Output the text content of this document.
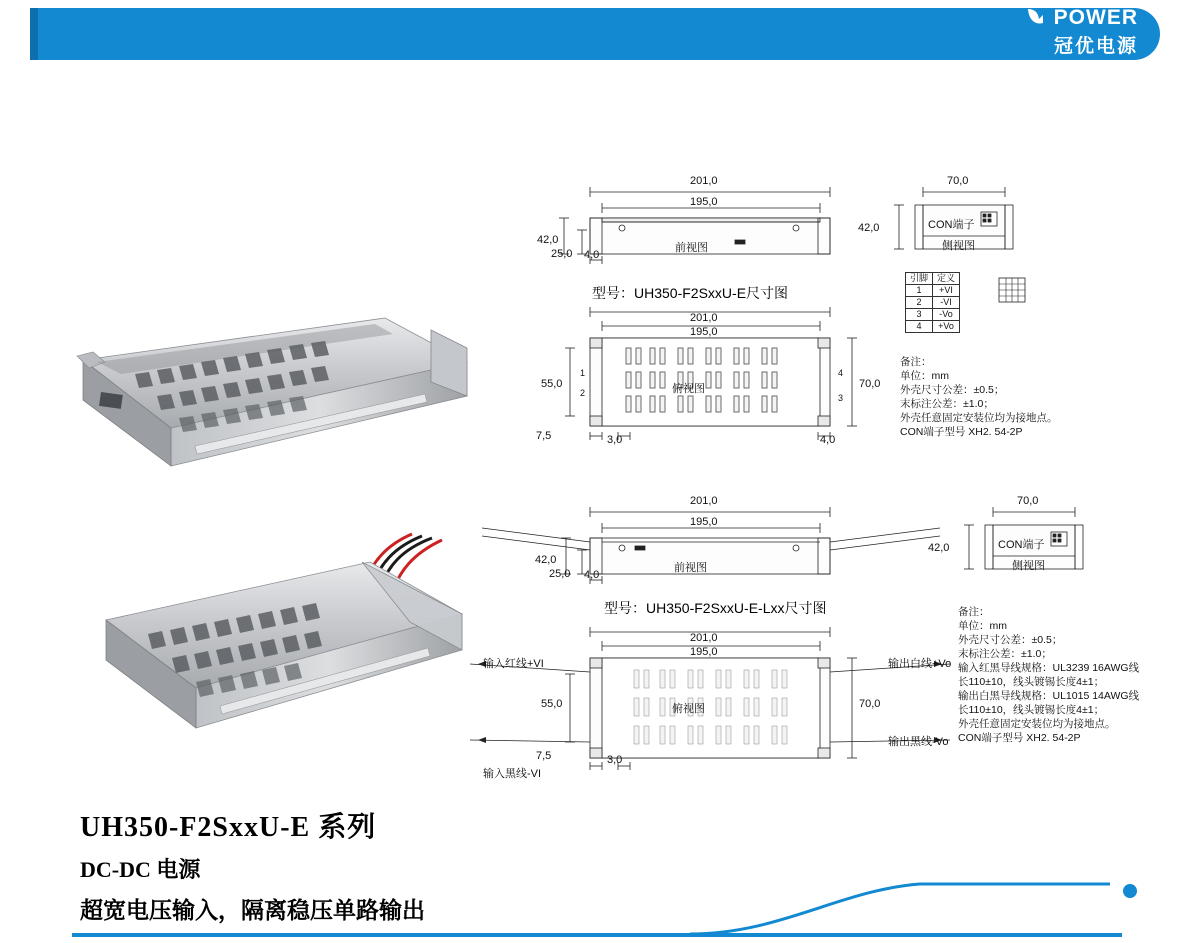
POWER
冠优电源
201,0
195,0
42,0
25,0 4,0
前视图
型号：UH350-F2SxxU-E尺寸图
70,0
42,0	CON端子
侧视图
引脚	定义
1	+VI
2	-VI
3	-Vo
4	+Vo
201,0
195,0
55,0	70,0
7,5	3,0	4,0
俯视图
1
2
4
3
备注：
单位：mm
外壳尺寸公差：±0.5；
末标注公差：±1.0；
外壳任意固定安装位均为接地点。
CON端子型号 XH2. 54-2P
201,0
195,0
42,0
25,0 4,0
前视图
型号：UH350-F2SxxU-E-Lxx尺寸图
70,0
42,0	CON端子
侧视图
201,0
195,0
55,0	70,0
7,5	3,0
俯视图
输入红线+VI
输入黑线-VI
输出白线+Vo
输出黑线-Vo
备注：
单位：mm
外壳尺寸公差：±0.5；
末标注公差：±1.0；
输入红黑导线规格：UL3239 16AWG线
长110±10，线头镀锡长度4±1；
输出白黑导线规格：UL1015 14AWG线
长110±10，线头镀锡长度4±1；
外壳任意固定安装位均为接地点。
CON端子型号 XH2. 54-2P
UH350-F2SxxU-E 系列
DC-DC 电源
超宽电压输入，隔离稳压单路输出
